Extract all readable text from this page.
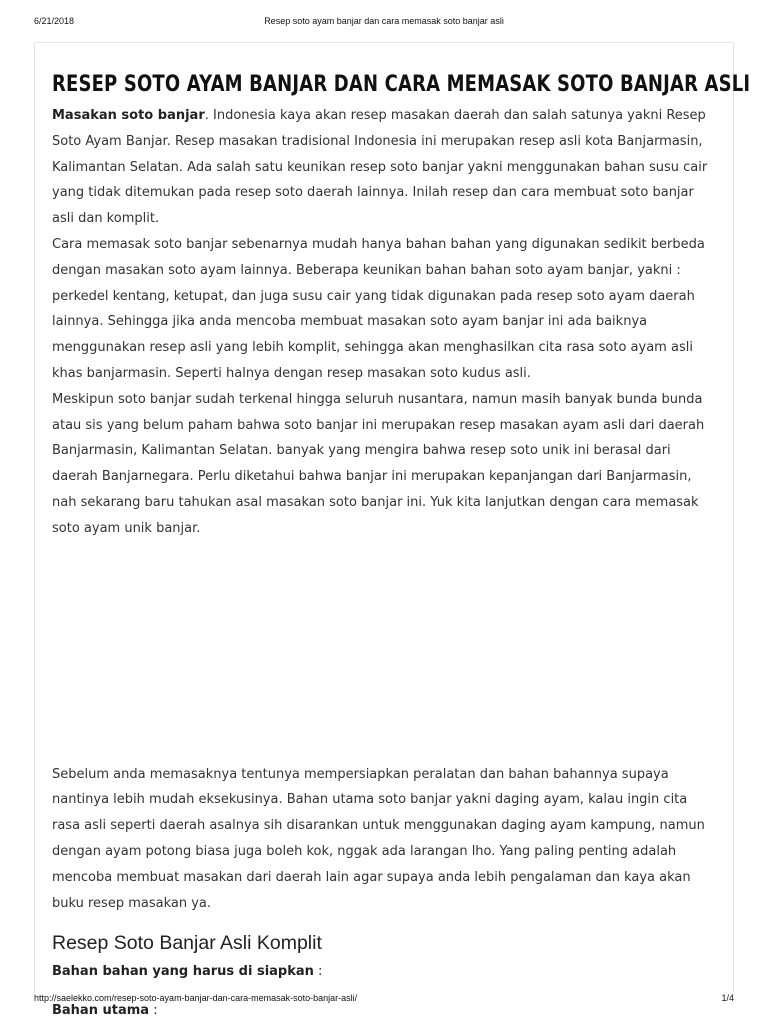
6/21/2018	Resep soto ayam banjar dan cara memasak soto banjar asli
RESEP SOTO AYAM BANJAR DAN CARA MEMASAK SOTO BANJAR ASLI

Masakan soto banjar. Indonesia kaya akan resep masakan daerah dan salah satunya yakni Resep Soto Ayam Banjar. Resep masakan tradisional Indonesia ini merupakan resep asli kota Banjarmasin, Kalimantan Selatan. Ada salah satu keunikan resep soto banjar yakni menggunakan bahan susu cair yang tidak ditemukan pada resep soto daerah lainnya. Inilah resep dan cara membuat soto banjar asli dan komplit.

Cara memasak soto banjar sebenarnya mudah hanya bahan bahan yang digunakan sedikit berbeda dengan masakan soto ayam lainnya. Beberapa keunikan bahan bahan soto ayam banjar, yakni : perkedel kentang, ketupat, dan juga susu cair yang tidak digunakan pada resep soto ayam daerah lainnya. Sehingga jika anda mencoba membuat masakan soto ayam banjar ini ada baiknya menggunakan resep asli yang lebih komplit, sehingga akan menghasilkan cita rasa soto ayam asli khas banjarmasin. Seperti halnya dengan resep masakan soto kudus asli.

Meskipun soto banjar sudah terkenal hingga seluruh nusantara, namun masih banyak bunda bunda atau sis yang belum paham bahwa soto banjar ini merupakan resep masakan ayam asli dari daerah Banjarmasin, Kalimantan Selatan. banyak yang mengira bahwa resep soto unik ini berasal dari daerah Banjarnegara. Perlu diketahui bahwa banjar ini merupakan kepanjangan dari Banjarmasin, nah sekarang baru tahukan asal masakan soto banjar ini. Yuk kita lanjutkan dengan cara memasak soto ayam unik banjar.

Sebelum anda memasaknya tentunya mempersiapkan peralatan dan bahan bahannya supaya nantinya lebih mudah eksekusinya. Bahan utama soto banjar yakni daging ayam, kalau ingin cita rasa asli seperti daerah asalnya sih disarankan untuk menggunakan daging ayam kampung, namun dengan ayam potong biasa juga boleh kok, nggak ada larangan lho. Yang paling penting adalah mencoba membuat masakan dari daerah lain agar supaya anda lebih pengalaman dan kaya akan buku resep masakan ya.

Resep Soto Banjar Asli Komplit
Bahan bahan yang harus di siapkan :
Bahan utama :
http://saelekko.com/resep-soto-ayam-banjar-dan-cara-memasak-soto-banjar-asli/	1/4
